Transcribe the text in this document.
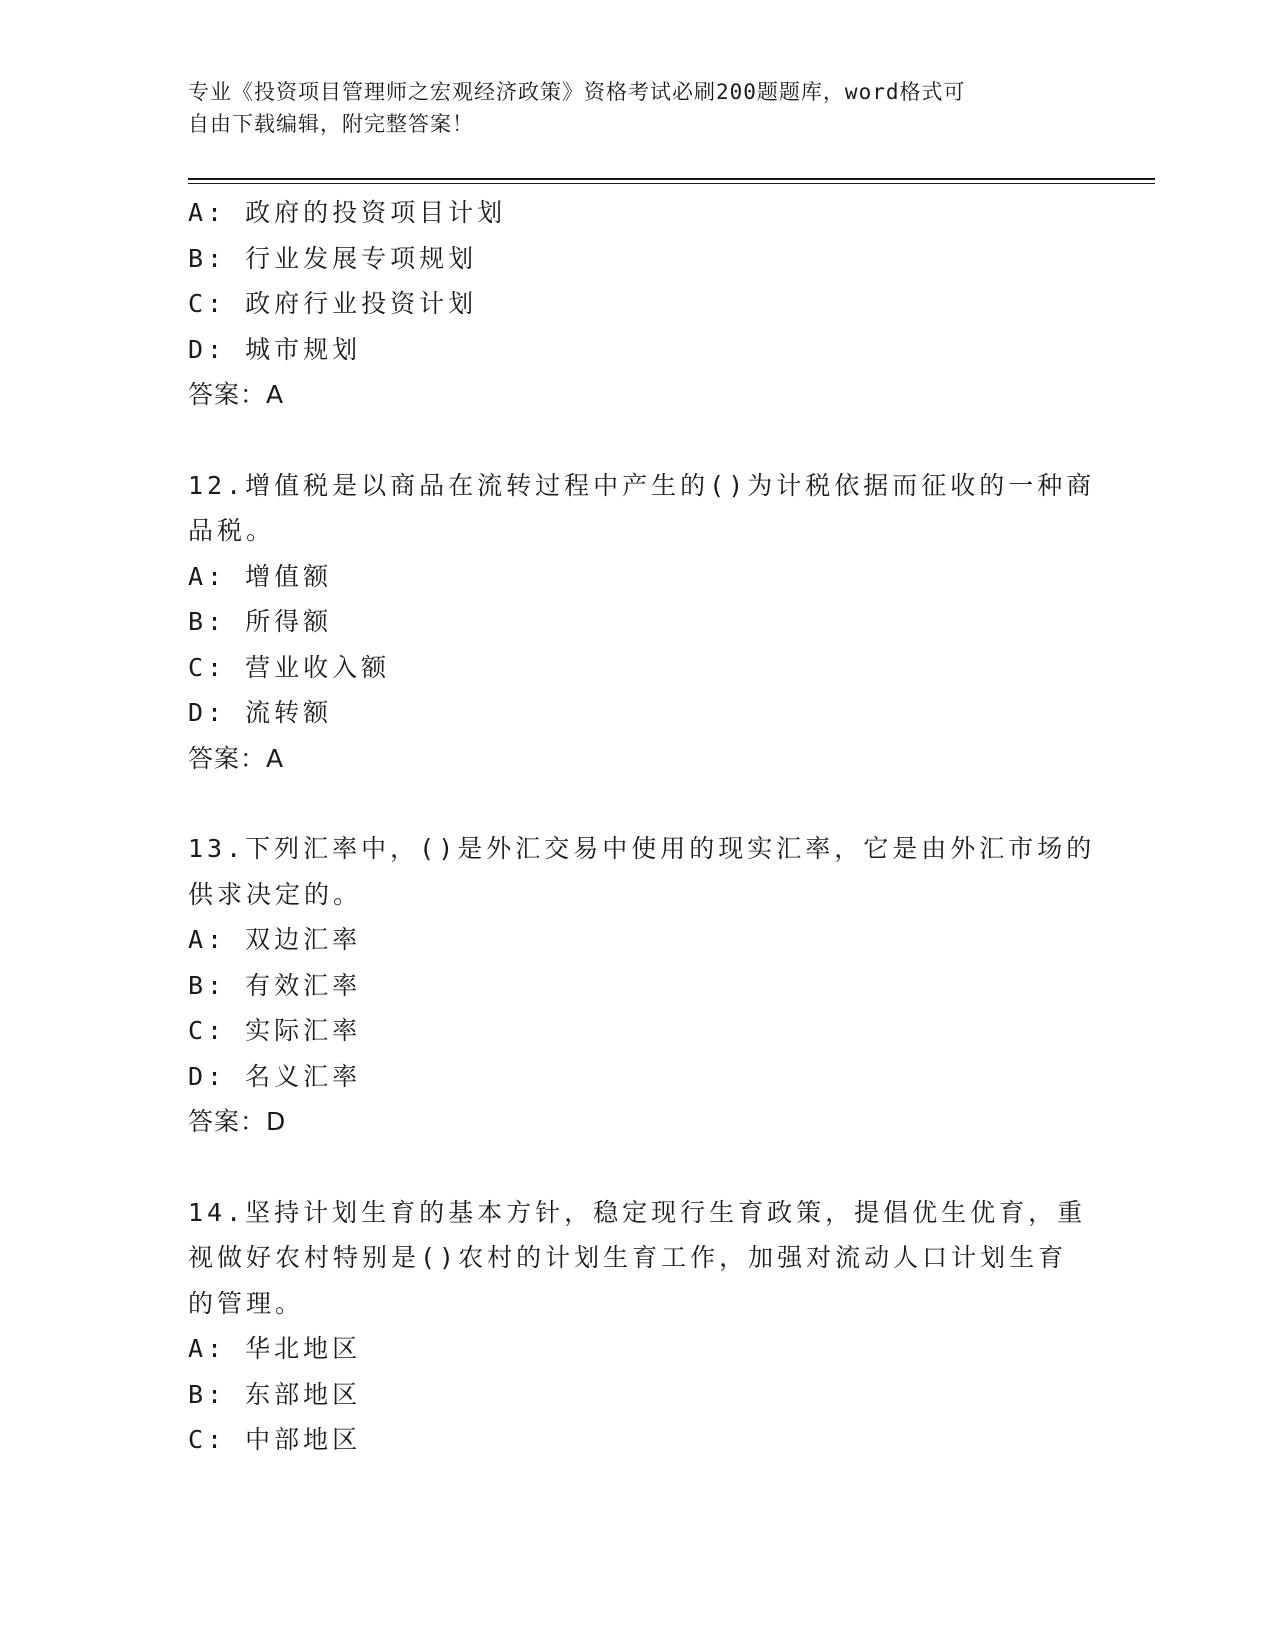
专业《投资项目管理师之宏观经济政策》资格考试必刷200题题库，word格式可
自由下载编辑，附完整答案！
A: 政府的投资项目计划
B: 行业发展专项规划
C: 政府行业投资计划
D: 城市规划
答案：A
12.增值税是以商品在流转过程中产生的()为计税依据而征收的一种商
品税。
A: 增值额
B: 所得额
C: 营业收入额
D: 流转额
答案：A
13.下列汇率中，()是外汇交易中使用的现实汇率，它是由外汇市场的
供求决定的。
A: 双边汇率
B: 有效汇率
C: 实际汇率
D: 名义汇率
答案：D
14.坚持计划生育的基本方针，稳定现行生育政策，提倡优生优育，重
视做好农村特别是()农村的计划生育工作，加强对流动人口计划生育
的管理。
A: 华北地区
B: 东部地区
C: 中部地区
